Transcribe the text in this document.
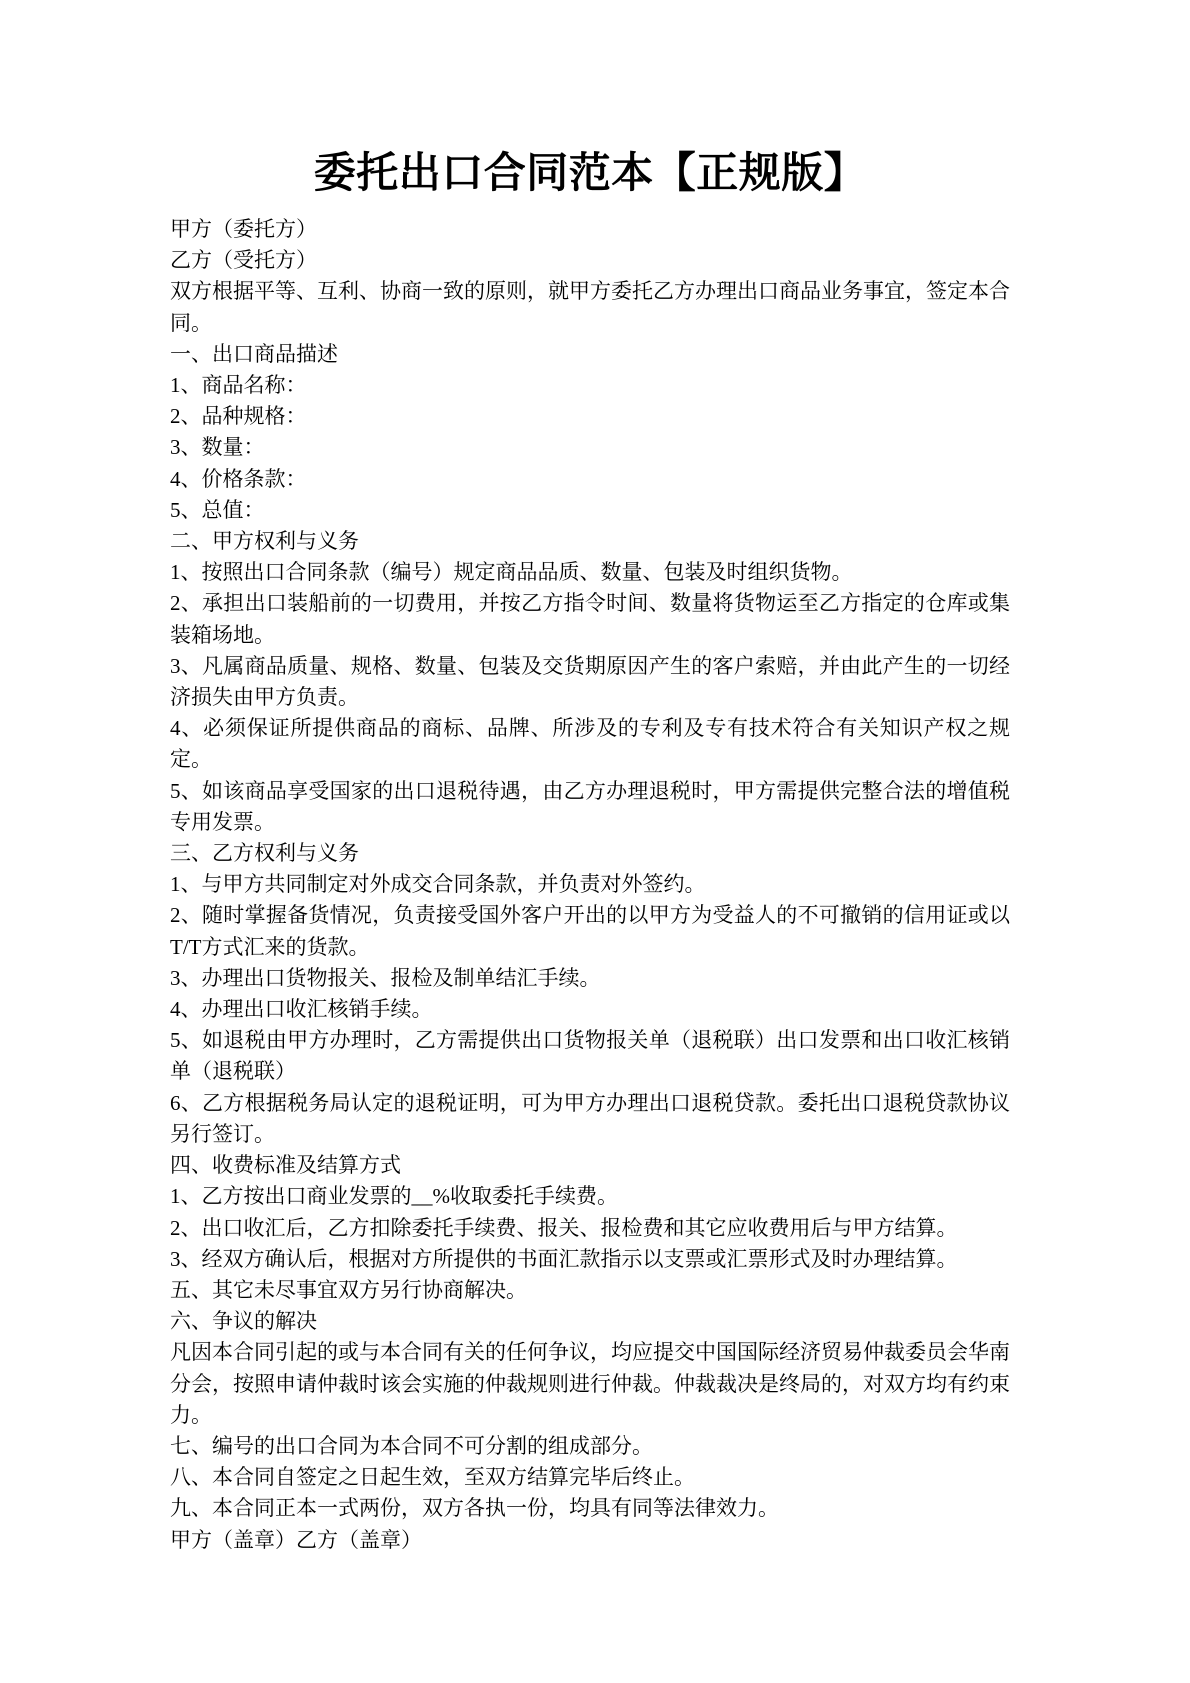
委托出口合同范本【正规版】

甲方（委托方）

乙方（受托方）

双方根据平等、互利、协商一致的原则，就甲方委托乙方办理出口商品业务事宜，签定本合同。

一、出口商品描述

1、商品名称：

2、品种规格：

3、数量：

4、价格条款：

5、总值：

二、甲方权利与义务

1、按照出口合同条款（编号）规定商品品质、数量、包装及时组织货物。

2、承担出口装船前的一切费用，并按乙方指令时间、数量将货物运至乙方指定的仓库或集装箱场地。

3、凡属商品质量、规格、数量、包装及交货期原因产生的客户索赔，并由此产生的一切经济损失由甲方负责。

4、必须保证所提供商品的商标、品牌、所涉及的专利及专有技术符合有关知识产权之规定。

5、如该商品享受国家的出口退税待遇，由乙方办理退税时，甲方需提供完整合法的增值税专用发票。

三、乙方权利与义务

1、与甲方共同制定对外成交合同条款，并负责对外签约。

2、随时掌握备货情况，负责接受国外客户开出的以甲方为受益人的不可撤销的信用证或以T/T方式汇来的货款。

3、办理出口货物报关、报检及制单结汇手续。

4、办理出口收汇核销手续。

5、如退税由甲方办理时，乙方需提供出口货物报关单（退税联）出口发票和出口收汇核销单（退税联）

6、乙方根据税务局认定的退税证明，可为甲方办理出口退税贷款。委托出口退税贷款协议另行签订。

四、收费标准及结算方式

1、乙方按出口商业发票的__%收取委托手续费。

2、出口收汇后，乙方扣除委托手续费、报关、报检费和其它应收费用后与甲方结算。

3、经双方确认后，根据对方所提供的书面汇款指示以支票或汇票形式及时办理结算。

五、其它未尽事宜双方另行协商解决。

六、争议的解决

凡因本合同引起的或与本合同有关的任何争议，均应提交中国国际经济贸易仲裁委员会华南分会，按照申请仲裁时该会实施的仲裁规则进行仲裁。仲裁裁决是终局的，对双方均有约束力。

七、编号的出口合同为本合同不可分割的组成部分。

八、本合同自签定之日起生效，至双方结算完毕后终止。

九、本合同正本一式两份，双方各执一份，均具有同等法律效力。

甲方（盖章）乙方（盖章）
